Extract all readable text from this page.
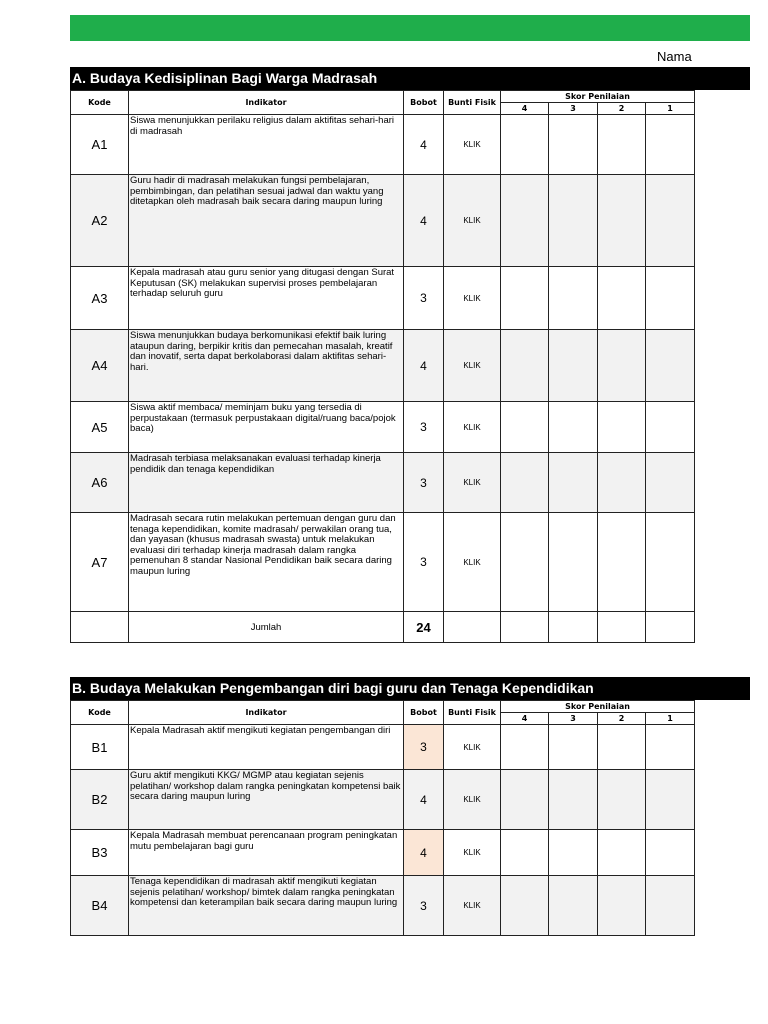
Nama
A. Budaya Kedisiplinan Bagi Warga Madrasah
Kode	Indikator	Bobot	Bunti Fisik	Skor Penilaian			
				4	3	2	1
A1	Siswa menunjukkan perilaku religius dalam aktifitas sehari-hari di madrasah	4	KLIK				
A2	Guru hadir di madrasah melakukan fungsi pembelajaran, pembimbingan, dan pelatihan sesuai jadwal dan waktu yang ditetapkan oleh madrasah baik secara daring maupun luring	4	KLIK				
A3	Kepala madrasah atau guru senior yang ditugasi dengan Surat Keputusan (SK) melakukan supervisi proses pembelajaran terhadap seluruh guru	3	KLIK				
A4	Siswa menunjukkan budaya berkomunikasi efektif baik luring ataupun daring, berpikir kritis dan pemecahan masalah, kreatif dan inovatif, serta dapat berkolaborasi dalam aktifitas sehari-hari.	4	KLIK				
A5	Siswa aktif membaca/ meminjam buku yang tersedia di perpustakaan (termasuk perpustakaan digital/ruang baca/pojok baca)	3	KLIK				
A6	Madrasah terbiasa melaksanakan evaluasi terhadap kinerja pendidik dan tenaga kependidikan	3	KLIK				
A7	Madrasah secara rutin melakukan pertemuan dengan guru dan tenaga kependidikan, komite madrasah/ perwakilan orang tua, dan yayasan (khusus madrasah swasta) untuk melakukan evaluasi diri terhadap kinerja madrasah dalam rangka pemenuhan 8 standar Nasional Pendidikan baik secara daring maupun luring	3	KLIK				
	Jumlah	24					
B. Budaya Melakukan Pengembangan diri bagi guru dan Tenaga Kependidikan
Kode	Indikator	Bobot	Bunti Fisik	Skor Penilaian			
				4	3	2	1
B1	Kepala Madrasah aktif mengikuti kegiatan pengembangan diri	3	KLIK				
B2	Guru aktif mengikuti KKG/ MGMP atau kegiatan sejenis pelatihan/ workshop dalam rangka peningkatan kompetensi baik secara daring maupun luring	4	KLIK				
B3	Kepala Madrasah membuat perencanaan program peningkatan mutu pembelajaran bagi guru	4	KLIK				
B4	Tenaga kependidikan di madrasah aktif mengikuti kegiatan sejenis pelatihan/ workshop/ bimtek dalam rangka peningkatan kompetensi dan keterampilan baik secara daring maupun luring	3	KLIK				
